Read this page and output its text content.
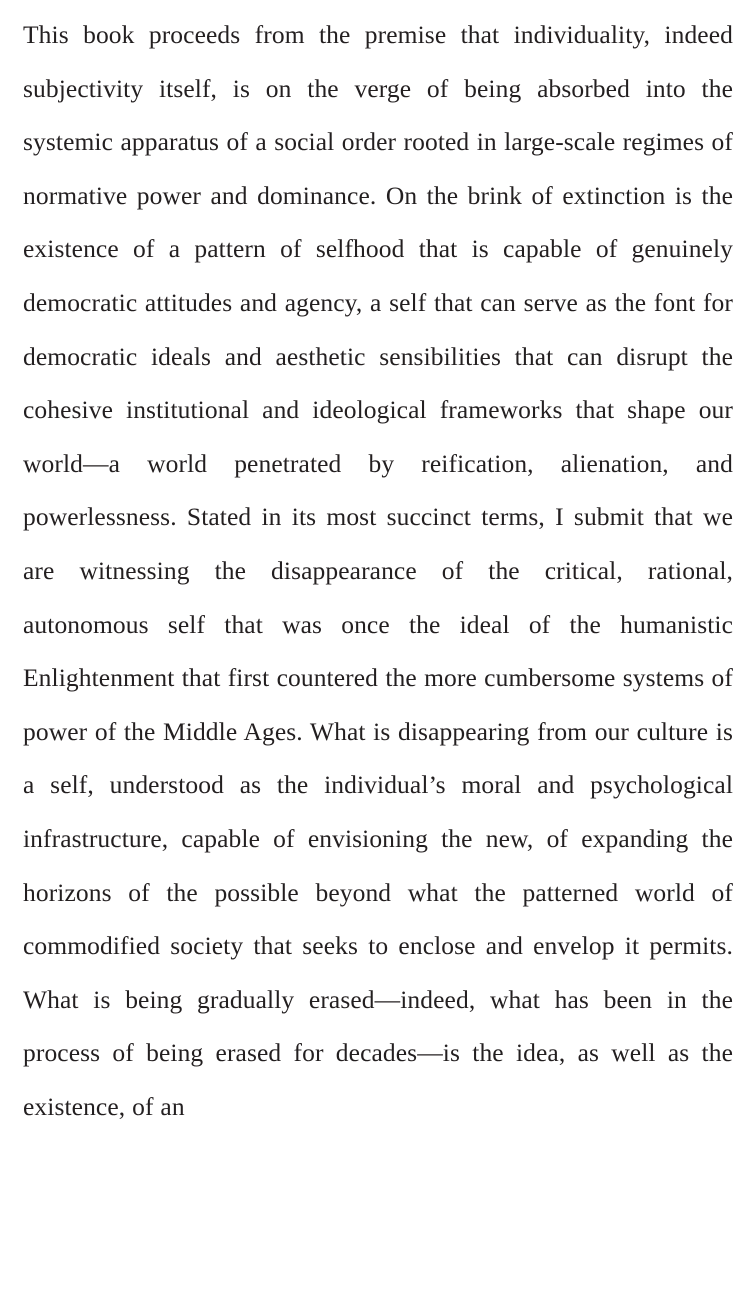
This book proceeds from the premise that individuality, indeed subjectivity itself, is on the verge of being absorbed into the systemic apparatus of a social order rooted in large-scale regimes of normative power and dominance. On the brink of extinction is the existence of a pattern of selfhood that is capable of genuinely democratic attitudes and agency, a self that can serve as the font for democratic ideals and aesthetic sensibilities that can disrupt the cohesive institutional and ideological frameworks that shape our world—a world penetrated by reification, alienation, and powerlessness. Stated in its most succinct terms, I submit that we are witnessing the disappearance of the critical, rational, autonomous self that was once the ideal of the humanistic Enlightenment that first countered the more cumbersome systems of power of the Middle Ages. What is disappearing from our culture is a self, understood as the individual’s moral and psychological infrastructure, capable of envisioning the new, of expanding the horizons of the possible beyond what the patterned world of commodified society that seeks to enclose and envelop it permits. What is being gradually erased—indeed, what has been in the process of being erased for decades—is the idea, as well as the existence, of an
